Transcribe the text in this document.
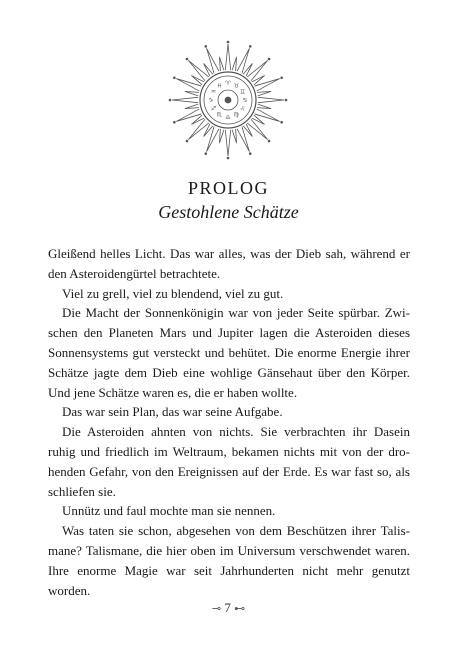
♈ ♉
♊
♋
♌
♍
♎
♏
♐
♑
♒
♓
PROLOG
Gestohlene Schätze
Gleißend helles Licht. Das war alles, was der Dieb sah, während er
den Asteroidengürtel betrachtete.
Viel zu grell, viel zu blendend, viel zu gut.
Die Macht der Sonnenkönigin war von jeder Seite spürbar. Zwi-
schen den Planeten Mars und Jupiter lagen die Asteroiden dieses
Sonnensystems gut versteckt und behütet. Die enorme Energie ihrer
Schätze jagte dem Dieb eine wohlige Gänsehaut über den Körper.
Und jene Schätze waren es, die er haben wollte.
Das war sein Plan, das war seine Aufgabe.
Die Asteroiden ahnten von nichts. Sie verbrachten ihr Dasein
ruhig und friedlich im Weltraum, bekamen nichts mit von der dro-
henden Gefahr, von den Ereignissen auf der Erde. Es war fast so, als
schliefen sie.
Unnütz und faul mochte man sie nennen.
Was taten sie schon, abgesehen von dem Beschützen ihrer Talis-
mane? Talismane, die hier oben im Universum verschwendet waren.
Ihre enorme Magie war seit Jahrhunderten nicht mehr genutzt worden.
⊸ 7 ⊷
